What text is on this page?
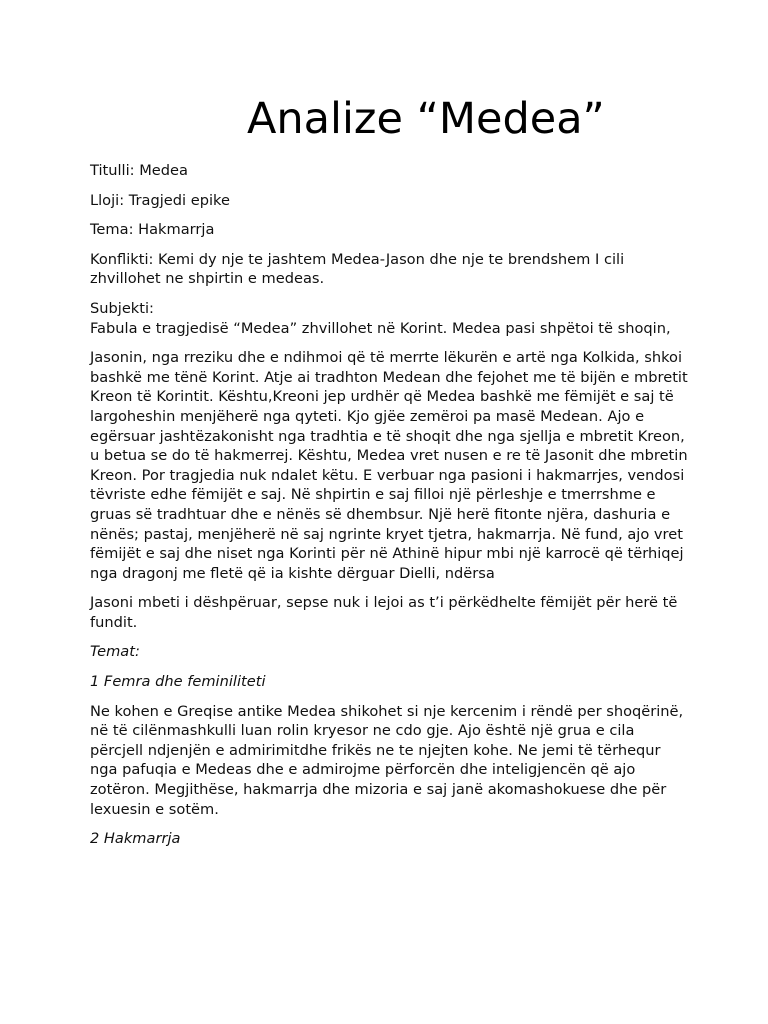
Analize “Medea”

Titulli: Medea

Lloji: Tragjedi epike

Tema: Hakmarrja

Konflikti: Kemi dy nje te jashtem Medea-Jason dhe nje te brendshem I cili zhvillohet ne shpirtin e medeas.

Subjekti:

Fabula e tragjedisë “Medea” zhvillohet në Korint. Medea pasi shpëtoi të shoqin,

Jasonin, nga rreziku dhe e ndihmoi që të merrte lëkurën e artë nga Kolkida, shkoi bashkë me tënë Korint. Atje ai tradhton Medean dhe fejohet me të bijën e mbretit Kreon të Korintit. Kështu,Kreoni jep urdhër që Medea bashkë me fëmijët e saj të largoheshin menjëherë nga qyteti. Kjo gjëe zemëroi pa masë Medean. Ajo e egërsuar jashtëzakonisht nga tradhtia e të shoqit dhe nga sjellja e mbretit Kreon, u betua se do të hakmerrej. Kështu, Medea vret nusen e re të Jasonit dhe mbretin Kreon. Por tragjedia nuk ndalet këtu. E verbuar nga pasioni i hakmarrjes, vendosi tëvriste edhe fëmijët e saj. Në shpirtin e saj filloi një përleshje e tmerrshme e gruas së tradhtuar dhe e nënës së dhembsur. Një herë fitonte njëra, dashuria e nënës; pastaj, menjëherë në saj ngrinte kryet tjetra, hakmarrja. Në fund, ajo vret fëmijët e saj dhe niset nga Korinti për në Athinë hipur mbi një karrocë që tërhiqej nga dragonj me fletë që ia kishte dërguar Dielli, ndërsa

Jasoni mbeti i dëshpëruar, sepse nuk i lejoi as t’i përkëdhelte fëmijët për herë të fundit.

Temat:

1 Femra dhe feminiliteti

Ne kohen e Greqise antike Medea shikohet si nje kercenim i rëndë per shoqërinë, në të cilënmashkulli luan rolin kryesor ne cdo gje. Ajo është një grua e cila përcjell ndjenjën e admirimitdhe frikës ne te njejten kohe. Ne jemi të tërhequr nga pafuqia e Medeas dhe e admirojme përforcën dhe inteligjencën që ajo zotëron. Megjithëse, hakmarrja dhe mizoria e saj janë akomashokuese dhe për lexuesin e sotëm.

2 Hakmarrja
